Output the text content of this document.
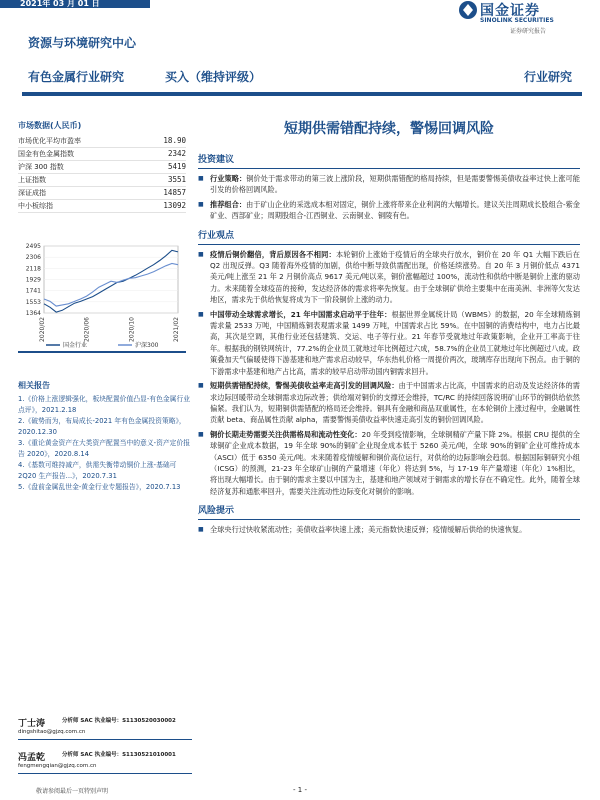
2021年 03 月 01 日	国金证券
SINOLINK SECURITIES
证券研究报告
资源与环境研究中心
有色金属行业研究	买入（维持评级）	行业研究
市场数据(人民币)
市场优化平均市盈率	18.90
国金有色金属指数	2342
沪深 300 指数	5419
上证指数	3551
深证成指	14857
中小板综指	13092
2495
2306
2118
1929
1741
1553
1364
2020/02	2020/06	2020/10	2021/02
国金行业	沪深300
相关报告
1.《价格上涨逻辑强化，板块配置价值凸显-有色金属行业点评》，2021.2.18
2.《破势而为，布局成长-2021 年有色金属投资策略》，2020.12.30
3.《重论黄金资产在大类资产配置当中的意义-资产定价报告 2020》，2020.8.14
4.《基数可维持减产，供需失衡带动铜价上涨-基础可 2Q20 生产报告...》，2020.7.31
5.《盘前金属乱世金-黄金行业专题报告》，2020.7.13
丁士涛	分析师 SAC 执业编号：S1130520030002
dingshitao@gjzq.com.cn
冯孟乾	分析师 SAC 执业编号：S1130521010001
fengmengqian@gjzq.com.cn
短期供需错配持续，警惕回调风险
投资建议
■ 行业策略：铜价处于需求带动的第三波上涨阶段，短期供需错配的格局持续，但是需要警惕美债收益率过快上涨可能引发的价格回调风险。
■ 推荐组合：由于矿山企业的采选成本相对固定，铜价上涨将带来企业利润的大幅增长。建议关注周期成长股组合-紫金矿业、西部矿业；周期股组合-江西铜业、云南铜业、铜陵有色。
行业观点
■ 疫情后铜价翻倍，背后原因各不相同：本轮铜价上涨始于疫情后的全球央行放水，铜价在 20 年 Q1 大幅下跌后在 Q2 出现反弹。Q3 随着海外疫情的加剧，供给中断导致供需配出现，价格延续涨势。自 20 年 3 月铜价低点 4371 美元/吨上涨至 21 年 2 月铜价高点 9617 美元/吨以来，铜价涨幅超过 100%，流动性和供给中断是铜价上涨的驱动力。未来随着全球疫苗的接种，发达经济体的需求将率先恢复。由于全球铜矿供给主要集中在南美洲、非洲等欠发达地区，需求先于供给恢复将成为下一阶段铜价上涨的动力。
■ 中国带动全球需求增长，21 年中国需求启动平于往年：根据世界金属统计局（WBMS）的数据，20 年全球精炼铜需求量 2533 万吨，中国精炼铜表观需求量 1499 万吨，中国需求占比 59%。在中国铜的消费结构中，电力占比最高，其次是空调，其他行业还包括建筑、交运、电子等行业。21 年春节受就地过年政策影响，企业开工率高于往年。根据我的钢铁网统计，77.2%的企业员工就地过年比例超过六成，58.7%的企业员工就地过年比例超过八成。政策叠加天气偏暖使得下游基建和地产需求启动较早，华东热轧价格一周提价两次，玻璃库存出现向下拐点。由于铜的下游需求中基建和地产占比高，需求的较早启动带动国内铜需求回升。
■ 短期供需错配持续，警惕美债收益率走高引发的回调风险：由于中国需求占比高，中国需求的启动及发达经济体的需求边际回暖带动全球铜需求边际改善；供给端对铜价的支撑还会维持，TC/RC 的持续回落说明矿山环节的铜供给依然偏紧。我们认为，短期铜供需错配的格局还会维持。铜具有金融和商品双重属性，在本轮铜价上涨过程中，金融属性贡献 beta、商品属性贡献 alpha，需要警惕美债收益率快速走高引发的铜价回调风险。
■ 铜价长期走势需要关注供需格局和流动性变化：20 年受到疫情影响，全球铜精矿产量下降 2%。根据 CRU 提供的全球铜矿企业成本数据，19 年全球 90%的铜矿企业现金成本低于 5260 美元/吨，全球 90%的铜矿企业可维持成本（ASCI）低于 6350 美元/吨。未来随着疫情缓解和铜价高位运行，对供给的边际影响会趋弱。根据国际铜研究小组（ICSG）的预测，21-23 年全球矿山铜的产量增速（年化）将达到 5%，与 17-19 年产量增速（年化）1%相比，将出现大幅增长。由于铜的需求主要以中国为主，基建和地产领域对于铜需求的增长存在不确定性。此外，随着全球经济复苏和通胀率回升，需要关注流动性边际变化对铜价的影响。
风险提示
■ 全球央行过快收紧流动性；美债收益率快速上涨；美元指数快速反弹；疫情缓解后供给的快速恢复。
敬请参阅最后一页特别声明	- 1 -
